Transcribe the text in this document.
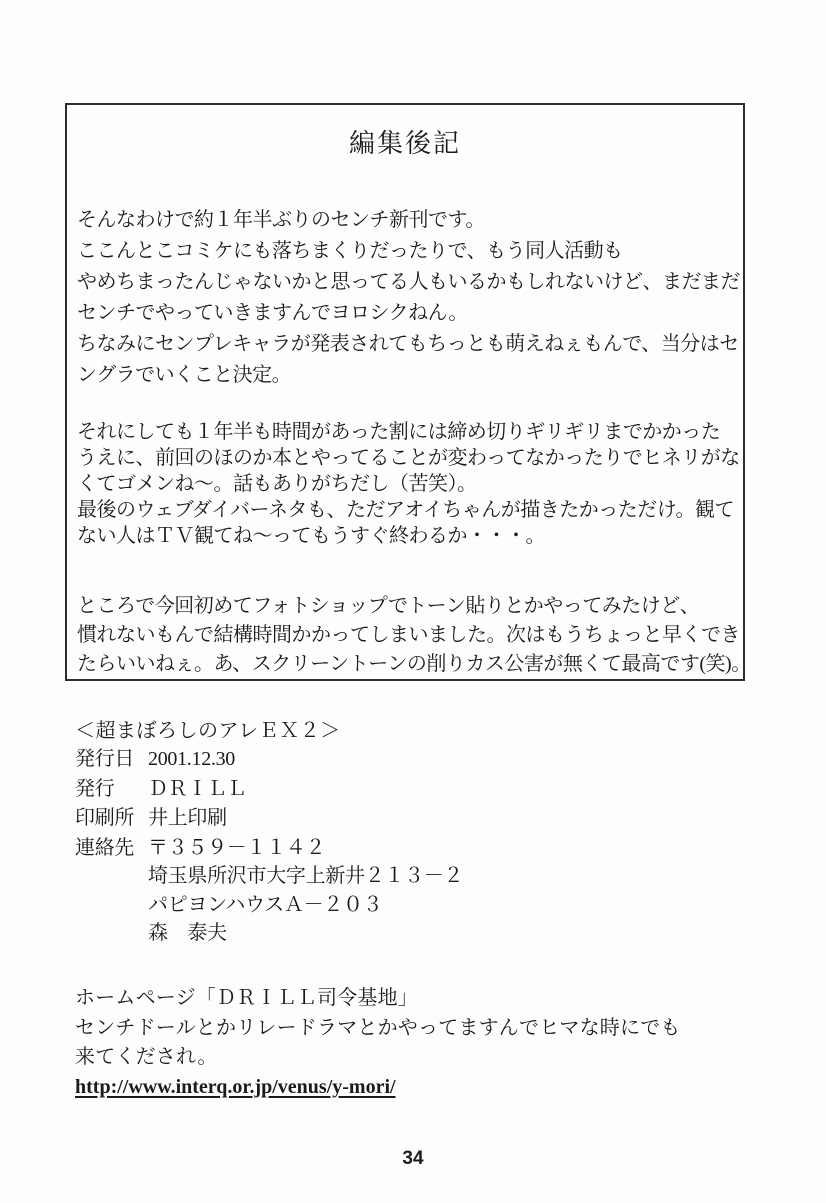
編集後記
そんなわけで約１年半ぶりのセンチ新刊です。
ここんとこコミケにも落ちまくりだったりで、もう同人活動も
やめちまったんじゃないかと思ってる人もいるかもしれないけど、まだまだ
センチでやっていきますんでヨロシクねん。
ちなみにセンプレキャラが発表されてもちっとも萌えねぇもんで、当分はセ
ングラでいくこと決定。
それにしても１年半も時間があった割には締め切りギリギリまでかかった
うえに、前回のほのか本とやってることが変わってなかったりでヒネリがな
くてゴメンね～。話もありがちだし（苦笑）。
最後のウェブダイバーネタも、ただアオイちゃんが描きたかっただけ。観て
ない人はＴＶ観てね～ってもうすぐ終わるか・・・。
ところで今回初めてフォトショップでトーン貼りとかやってみたけど、
慣れないもんで結構時間かかってしまいました。次はもうちょっと早くでき
たらいいねぇ。あ、スクリーントーンの削りカス公害が無くて最高です(笑)。
＜超まぼろしのアレＥＸ２＞
発行日 2001.12.30
発行 ＤＲＩＬＬ
印刷所 井上印刷
連絡先 〒３５９－１１４２
埼玉県所沢市大字上新井２１３－２
パピヨンハウスＡ－２０３
森　泰夫
ホームページ「ＤＲＩＬＬ司令基地」
センチドールとかリレードラマとかやってますんでヒマな時にでも
来てくだされ。
http://www.interq.or.jp/venus/y-mori/
34
